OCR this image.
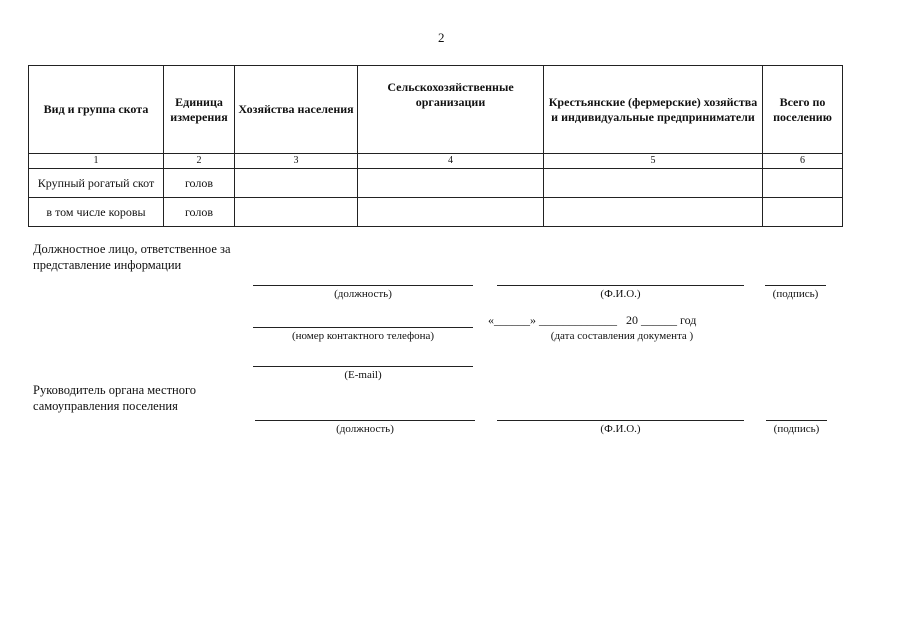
2
Вид и группа скота	Единица измерения	Хозяйства населения	Сельскохозяйственные организации	Крестьянские (фермерские) хозяйства и индивидуальные предприниматели	Всего по поселению
1	2	3	4	5	6
Крупный рогатый скот	голов				
в том числе коровы	голов				
Должностное лицо, ответственное за представление информации
(должность)	(Ф.И.О.)	(подпись)
(номер контактного телефона)
«______» _____________ 20 ______ год
(дата составления документа )
(E-mail)
Руководитель органа местного самоуправления поселения
(должность)	(Ф.И.О.)	(подпись)
